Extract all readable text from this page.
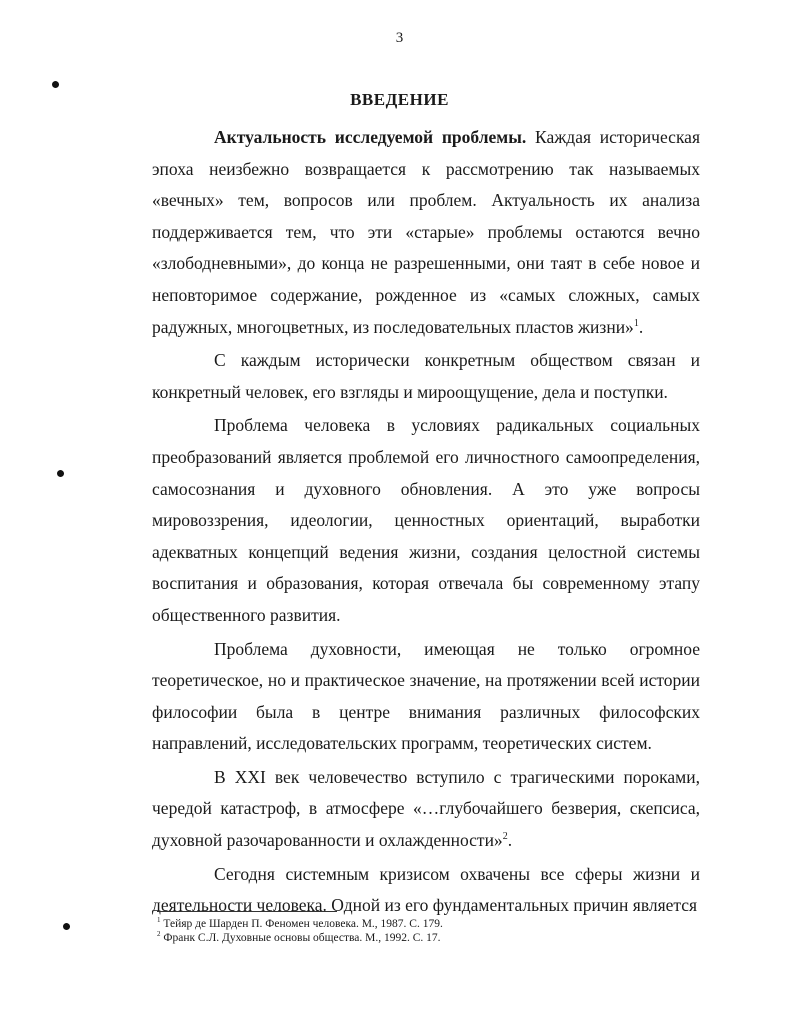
3
ВВЕДЕНИЕ

Актуальность исследуемой проблемы. Каждая историческая эпоха неизбежно возвращается к рассмотрению так называемых «вечных» тем, вопросов или проблем. Актуальность их анализа поддерживается тем, что эти «старые» проблемы остаются вечно «злободневными», до конца не разрешенными, они таят в себе новое и неповторимое содержание, рожденное из «самых сложных, самых радужных, многоцветных, из последовательных пластов жизни»$^1$.

С каждым исторически конкретным обществом связан и конкретный человек, его взгляды и мироощущение, дела и поступки.

Проблема человека в условиях радикальных социальных преобразований является проблемой его личностного самоопределения, самосознания и духовного обновления. А это уже вопросы мировоззрения, идеологии, ценностных ориентаций, выработки адекватных концепций ведения жизни, создания целостной системы воспитания и образования, которая отвечала бы современному этапу общественного развития.

Проблема духовности, имеющая не только огромное теоретическое, но и практическое значение, на протяжении всей истории философии была в центре внимания различных философских направлений, исследовательских программ, теоретических систем.

В XXI век человечество вступило с трагическими пороками, чередой катастроф, в атмосфере «…глубочайшего безверия, скепсиса, духовной разочарованности и охлажденности»$^2$.

Сегодня системным кризисом охвачены все сферы жизни и деятельности человека. Одной из его фундаментальных причин является

$^1$ Тейяр де Шарден П. Феномен человека. М., 1987. С. 179.
$^2$ Франк С.Л. Духовные основы общества. М., 1992. С. 17.
